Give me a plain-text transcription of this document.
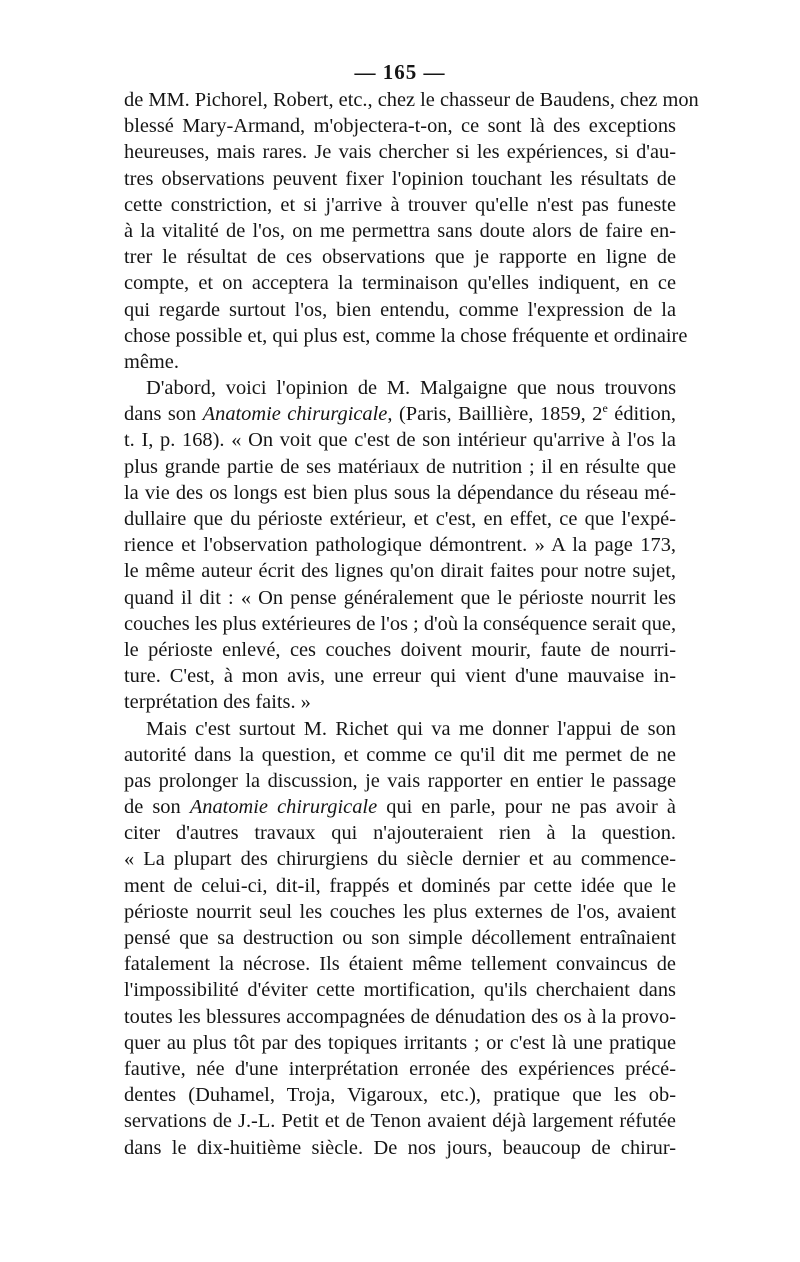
— 165 —
de MM. Pichorel, Robert, etc., chez le chasseur de Baudens, chez mon
blessé Mary-Armand, m'objectera-t-on, ce sont là des exceptions
heureuses, mais rares. Je vais chercher si les expériences, si d'au-
tres observations peuvent fixer l'opinion touchant les résultats de
cette constriction, et si j'arrive à trouver qu'elle n'est pas funeste
à la vitalité de l'os, on me permettra sans doute alors de faire en-
trer le résultat de ces observations que je rapporte en ligne de
compte, et on acceptera la terminaison qu'elles indiquent, en ce
qui regarde surtout l'os, bien entendu, comme l'expression de la
chose possible et, qui plus est, comme la chose fréquente et ordinaire
même.
D'abord, voici l'opinion de M. Malgaigne que nous trouvons
dans son Anatomie chirurgicale, (Paris, Baillière, 1859, 2e édition,
t. I, p. 168). « On voit que c'est de son intérieur qu'arrive à l'os la
plus grande partie de ses matériaux de nutrition ; il en résulte que
la vie des os longs est bien plus sous la dépendance du réseau mé-
dullaire que du périoste extérieur, et c'est, en effet, ce que l'expé-
rience et l'observation pathologique démontrent. » A la page 173,
le même auteur écrit des lignes qu'on dirait faites pour notre sujet,
quand il dit : « On pense généralement que le périoste nourrit les
couches les plus extérieures de l'os ; d'où la conséquence serait que,
le périoste enlevé, ces couches doivent mourir, faute de nourri-
ture. C'est, à mon avis, une erreur qui vient d'une mauvaise in-
terprétation des faits. »
Mais c'est surtout M. Richet qui va me donner l'appui de son
autorité dans la question, et comme ce qu'il dit me permet de ne
pas prolonger la discussion, je vais rapporter en entier le passage
de son Anatomie chirurgicale qui en parle, pour ne pas avoir à
citer d'autres travaux qui n'ajouteraient rien à la question.
« La plupart des chirurgiens du siècle dernier et au commence-
ment de celui-ci, dit-il, frappés et dominés par cette idée que le
périoste nourrit seul les couches les plus externes de l'os, avaient
pensé que sa destruction ou son simple décollement entraînaient
fatalement la nécrose. Ils étaient même tellement convaincus de
l'impossibilité d'éviter cette mortification, qu'ils cherchaient dans
toutes les blessures accompagnées de dénudation des os à la provo-
quer au plus tôt par des topiques irritants ; or c'est là une pratique
fautive, née d'une interprétation erronée des expériences précé-
dentes (Duhamel, Troja, Vigaroux, etc.), pratique que les ob-
servations de J.-L. Petit et de Tenon avaient déjà largement réfutée
dans le dix-huitième siècle. De nos jours, beaucoup de chirur-
